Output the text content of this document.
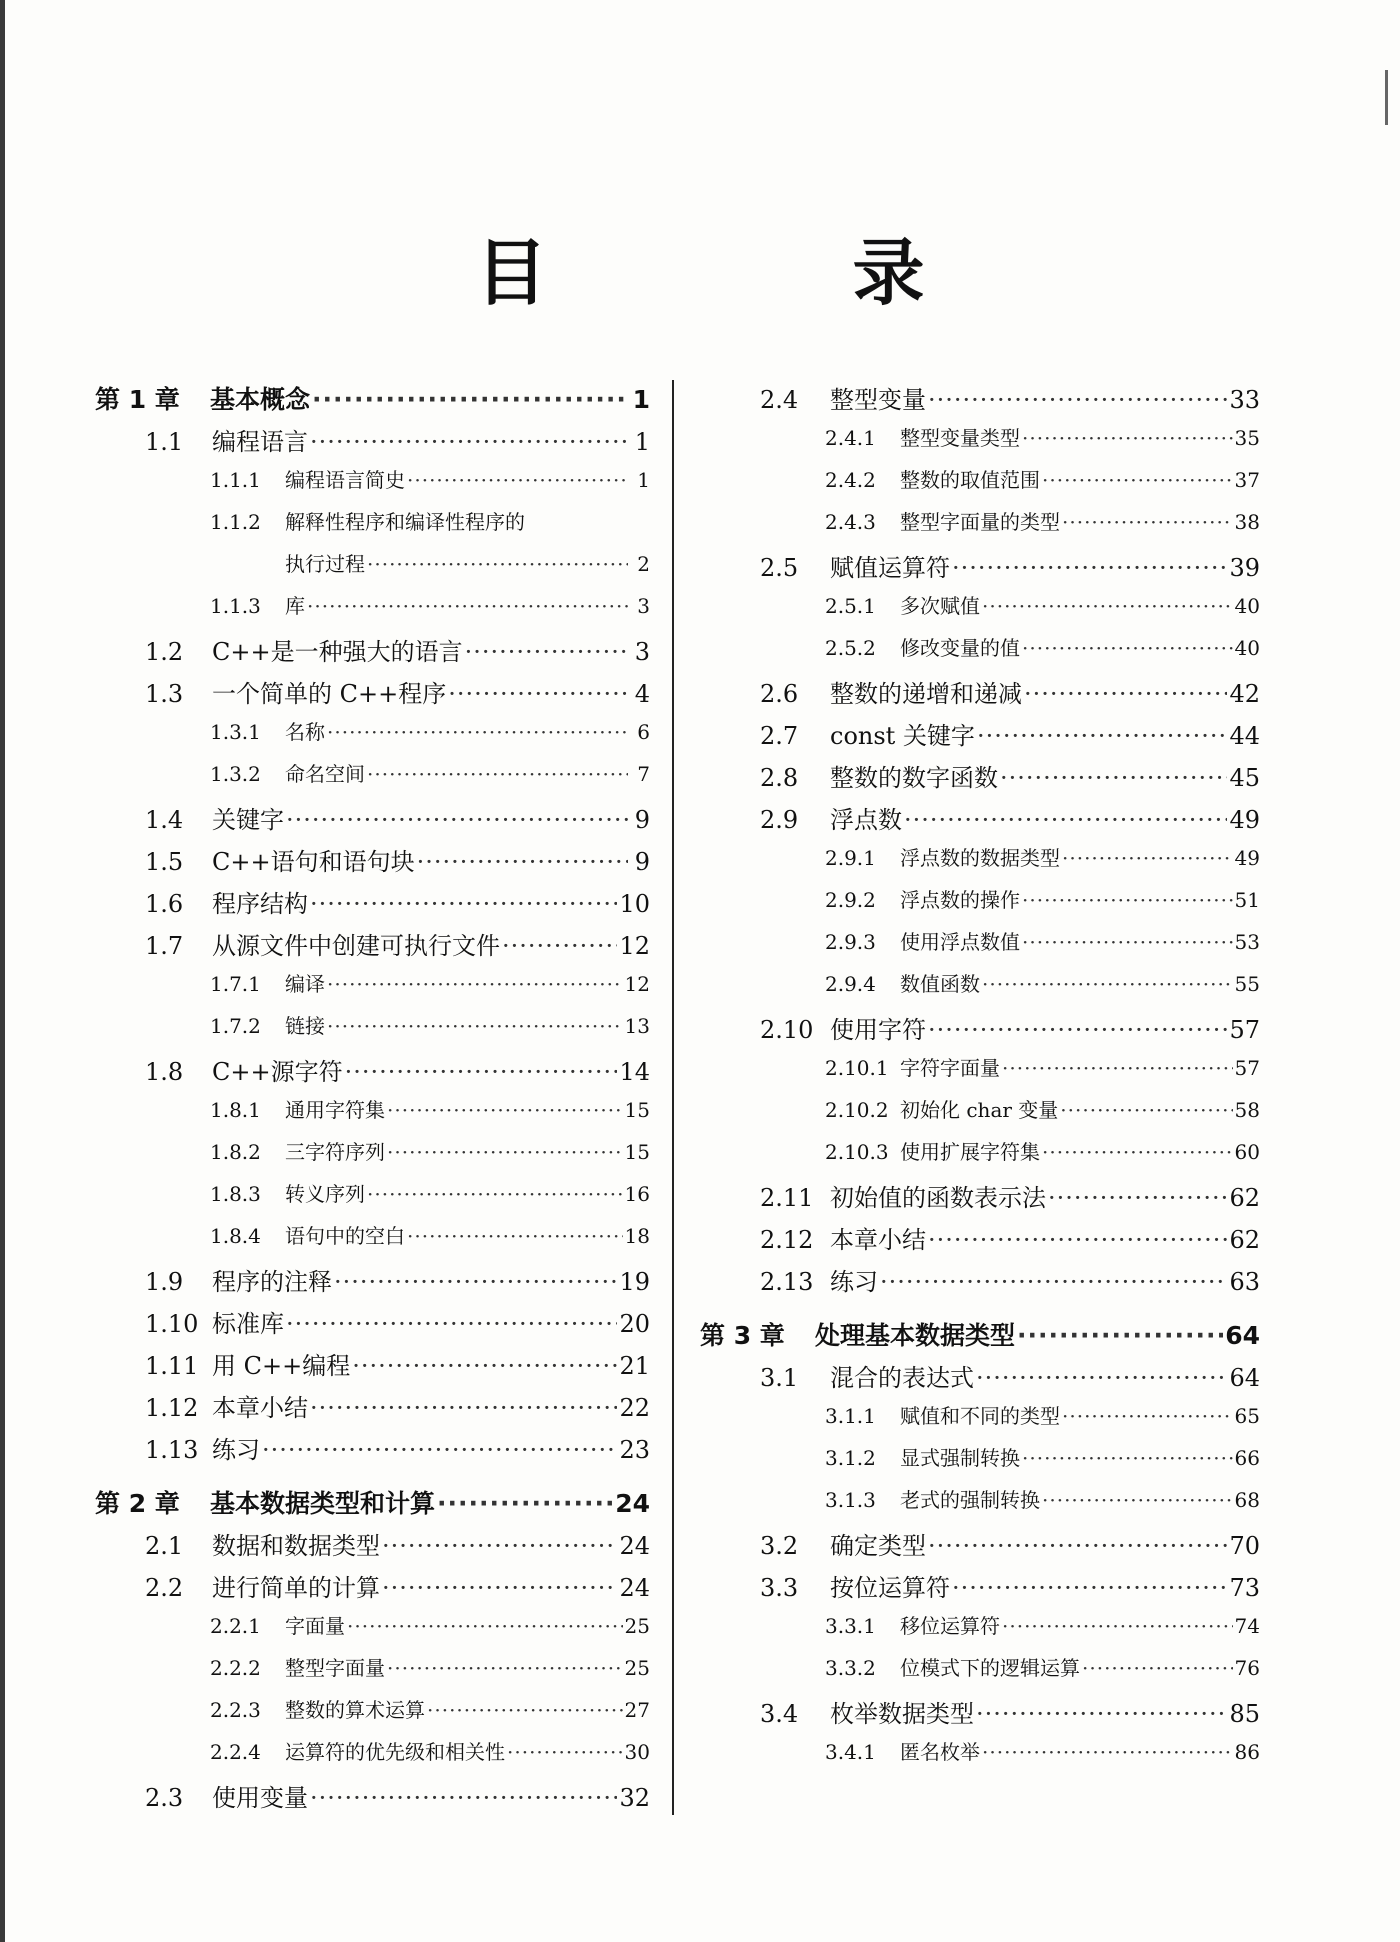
目 录
第 1 章	基本概念 ·····	1
1.1	编程语言 ·····	1
1.1.1	编程语言简史 ·····	1
1.1.2	解释性程序和编译性程序的
执行过程 ·····	2
1.1.3	库 ·····	3
1.2	C++是一种强大的语言 ·····	3
1.3	一个简单的 C++程序 ·····	4
1.3.1	名称 ·····	6
1.3.2	命名空间 ·····	7
1.4	关键字 ·····	9
1.5	C++语句和语句块 ·····	9
1.6	程序结构 ·····	10
1.7	从源文件中创建可执行文件 ·····	12
1.7.1	编译 ·····	12
1.7.2	链接 ·····	13
1.8	C++源字符 ·····	14
1.8.1	通用字符集 ·····	15
1.8.2	三字符序列 ·····	15
1.8.3	转义序列 ·····	16
1.8.4	语句中的空白 ·····	18
1.9	程序的注释 ·····	19
1.10 标准库 ·····	20
1.11 用 C++编程 ·····	21
1.12 本章小结 ·····	22
1.13 练习 ·····	23
第 2 章	基本数据类型和计算 ·····	24
2.1	数据和数据类型 ·····	24
2.2	进行简单的计算 ·····	24
2.2.1	字面量 ·····	25
2.2.2	整型字面量 ·····	25
2.2.3	整数的算术运算 ·····	27
2.2.4	运算符的优先级和相关性 ·····	30
2.3	使用变量 ·····	32
2.4	整型变量 ·····	33
2.4.1	整型变量类型 ·····	35
2.4.2	整数的取值范围 ·····	37
2.4.3	整型字面量的类型 ·····	38
2.5	赋值运算符 ·····	39
2.5.1	多次赋值 ·····	40
2.5.2	修改变量的值 ·····	40
2.6	整数的递增和递减 ·····	42
2.7	const 关键字 ·····	44
2.8	整数的数字函数 ·····	45
2.9	浮点数 ·····	49
2.9.1	浮点数的数据类型 ·····	49
2.9.2	浮点数的操作 ·····	51
2.9.3	使用浮点数值 ·····	53
2.9.4	数值函数 ·····	55
2.10 使用字符 ·····	57
2.10.1 字符字面量 ·····	57
2.10.2 初始化 char 变量 ·····	58
2.10.3 使用扩展字符集 ·····	60
2.11 初始值的函数表示法 ·····	62
2.12 本章小结 ·····	62
2.13 练习 ·····	63
第 3 章	处理基本数据类型 ·····	64
3.1	混合的表达式 ·····	64
3.1.1	赋值和不同的类型 ·····	65
3.1.2	显式强制转换 ·····	66
3.1.3	老式的强制转换 ·····	68
3.2	确定类型 ·····	70
3.3	按位运算符 ·····	73
3.3.1	移位运算符 ·····	74
3.3.2	位模式下的逻辑运算 ·····	76
3.4	枚举数据类型 ·····	85
3.4.1	匿名枚举 ·····	86
